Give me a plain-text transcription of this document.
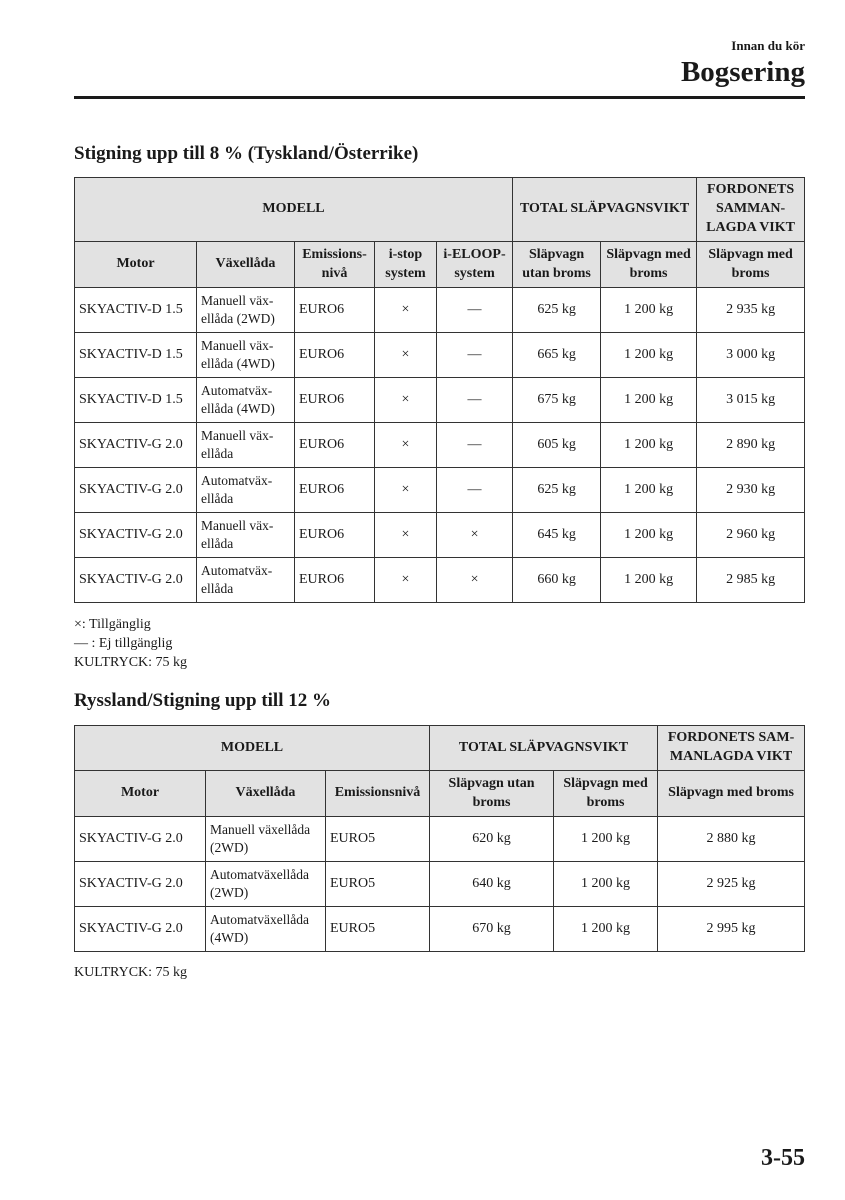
Innan du kör
Bogsering
Stigning upp till 8 % (Tyskland/Österrike)
MODELL					TOTAL SLÄPVAGNSVIKT		FORDONETS SAMMAN-LAGDA VIKT
Motor	Växellåda	Emissions-nivå	i-stop system	i-ELOOP-system	Släpvagn utan broms	Släpvagn med broms	Släpvagn med broms
SKYACTIV-D 1.5	Manuell väx-ellåda (2WD)	EURO6	×	—	625 kg	1 200 kg	2 935 kg
SKYACTIV-D 1.5	Manuell väx-ellåda (4WD)	EURO6	×	—	665 kg	1 200 kg	3 000 kg
SKYACTIV-D 1.5	Automatväx-ellåda (4WD)	EURO6	×	—	675 kg	1 200 kg	3 015 kg
SKYACTIV-G 2.0	Manuell väx-ellåda	EURO6	×	—	605 kg	1 200 kg	2 890 kg
SKYACTIV-G 2.0	Automatväx-ellåda	EURO6	×	—	625 kg	1 200 kg	2 930 kg
SKYACTIV-G 2.0	Manuell väx-ellåda	EURO6	×	×	645 kg	1 200 kg	2 960 kg
SKYACTIV-G 2.0	Automatväx-ellåda	EURO6	×	×	660 kg	1 200 kg	2 985 kg
×: Tillgänglig
— : Ej tillgänglig
KULTRYCK: 75 kg
Ryssland/Stigning upp till 12 %
MODELL			TOTAL SLÄPVAGNSVIKT		FORDONETS SAM-MANLAGDA VIKT
Motor	Växellåda	Emissionsnivå	Släpvagn utan broms	Släpvagn med broms	Släpvagn med broms
SKYACTIV-G 2.0	Manuell växellåda (2WD)	EURO5	620 kg	1 200 kg	2 880 kg
SKYACTIV-G 2.0	Automatväxellåda (2WD)	EURO5	640 kg	1 200 kg	2 925 kg
SKYACTIV-G 2.0	Automatväxellåda (4WD)	EURO5	670 kg	1 200 kg	2 995 kg
KULTRYCK: 75 kg
3-55
